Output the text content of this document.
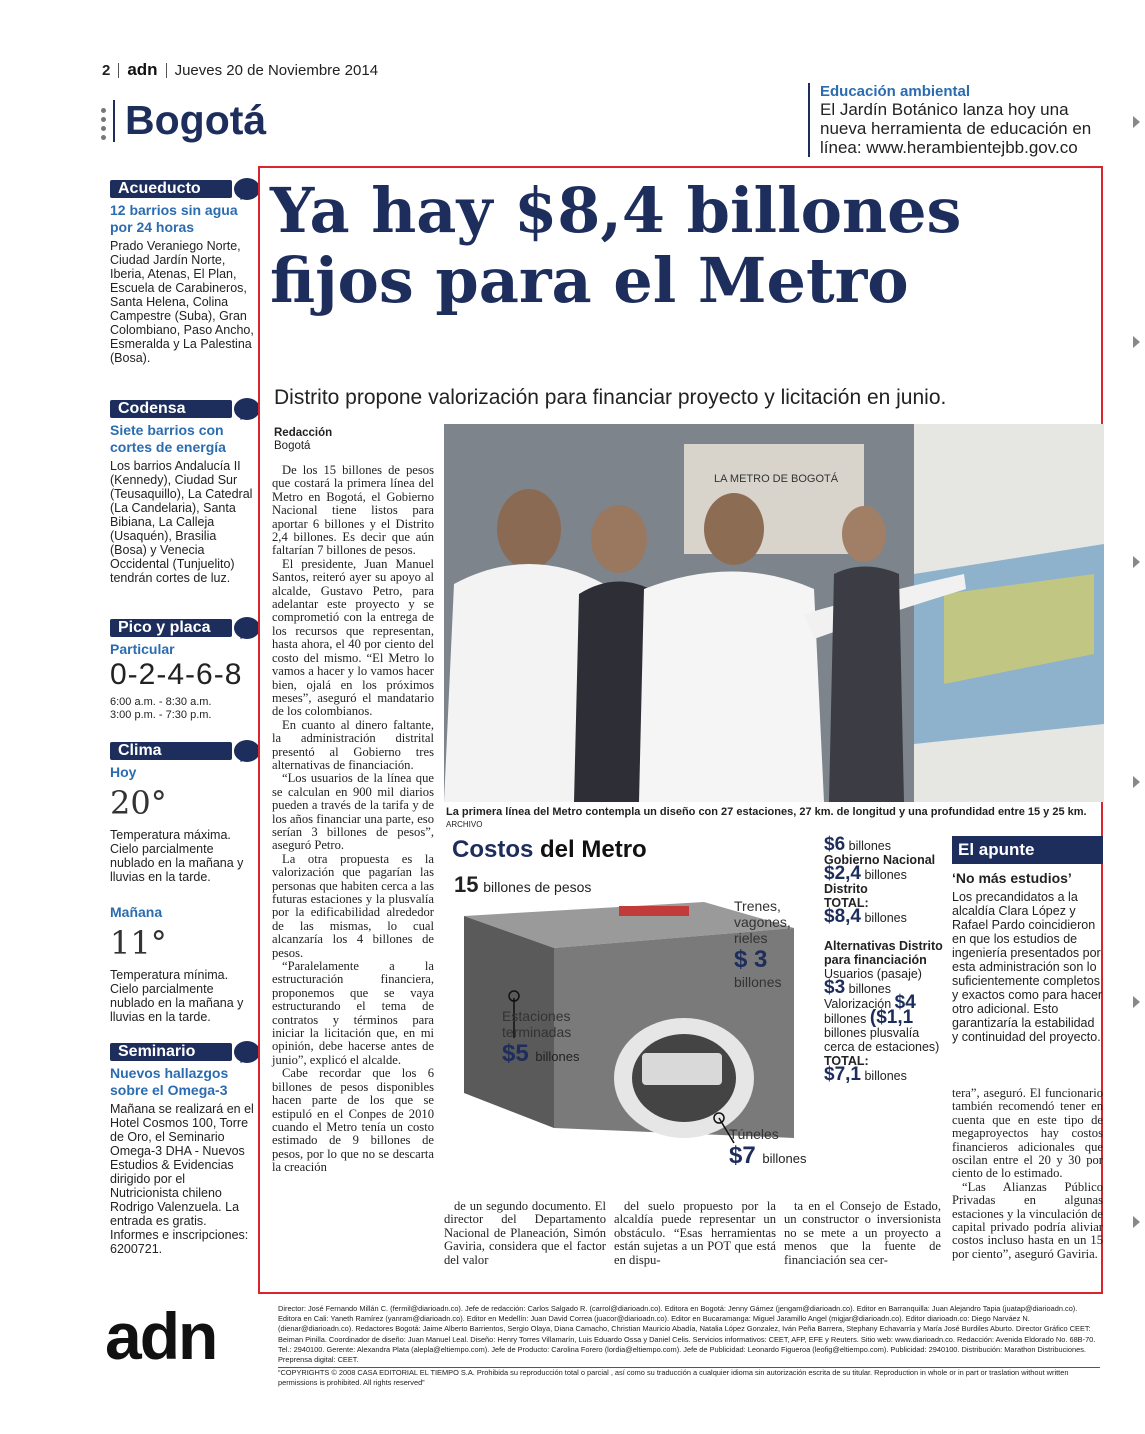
2 adn Jueves 20 de Noviembre 2014
Bogotá
Educación ambiental
El Jardín Botánico lanza hoy una nueva herramienta de educación en línea: www.herambientejbb.gov.co
Acueducto
12 barrios sin agua por 24 horas
Prado Veraniego Norte, Ciudad Jardín Norte, Iberia, Atenas, El Plan, Escuela de Carabineros, Santa Helena, Colina Campestre (Suba), Gran Colombiano, Paso Ancho, Esmeralda y La Palestina (Bosa).
Codensa
Siete barrios con cortes de energía
Los barrios Andalucía II (Kennedy), Ciudad Sur (Teusaquillo), La Catedral (La Candelaria), Santa Bibiana, La Calleja (Usaquén), Brasilia (Bosa) y Venecia Occidental (Tunjuelito) tendrán cortes de luz.
Pico y placa
Particular
0-2-4-6-8
6:00 a.m. - 8:30 a.m.
3:00 p.m. - 7:30 p.m.
Clima
Hoy
20°
Temperatura máxima. Cielo parcialmente nublado en la mañana y lluvias en la tarde.
Mañana
11°
Temperatura mínima. Cielo parcialmente nublado en la mañana y lluvias en la tarde.
Seminario
Nuevos hallazgos sobre el Omega-3
Mañana se realizará en el Hotel Cosmos 100, Torre de Oro, el Seminario Omega-3 DHA - Nuevos Estudios & Evidencias dirigido por el Nutricionista chileno Rodrigo Valenzuela. La entrada es gratis. Informes e inscripciones: 6200721.
Ya hay $8,4 billones
fijos para el Metro
Distrito propone valorización para financiar proyecto y licitación en junio.
Redacción
Bogotá

De los 15 billones de pesos que costará la primera línea del Metro en Bogotá, el Gobierno Nacional tiene listos para aportar 6 billones y el Distrito 2,4 billones. Es decir que aún faltarían 7 billones de pesos.

El presidente, Juan Manuel Santos, reiteró ayer su apoyo al alcalde, Gustavo Petro, para adelantar este proyecto y se comprometió con la entrega de los recursos que representan, hasta ahora, el 40 por ciento del costo del mismo. “El Metro lo vamos a hacer y lo vamos hacer bien, ojalá en los próximos meses”, aseguró el mandatario de los colombianos.

En cuanto al dinero faltante, la administración distrital presentó al Gobierno tres alternativas de financiación.

“Los usuarios de la línea que se calculan en 900 mil diarios pueden a través de la tarifa y de los años financiar una parte, eso serían 3 billones de pesos”, aseguró Petro.

La otra propuesta es la valorización que pagarían las personas que habiten cerca a las futuras estaciones y la plusvalía por la edificabilidad alrededor de las mismas, lo cual alcanzaría los 4 billones de pesos.

“Paralelamente a la estructuración financiera, proponemos que se vaya estructurando el tema de contratos y términos para iniciar la licitación que, en mi opinión, debe hacerse antes de junio”, explicó el alcalde.

Cabe recordar que los 6 billones de pesos disponibles hacen parte de los que se estipuló en el Conpes de 2010 cuando el Metro tenía un costo estimado de 9 billones de pesos, por lo que no se descarta la creación

de un segundo documento. El director del Departamento Nacional de Planeación, Simón Gaviria, considera que el factor del valor

del suelo propuesto por la alcaldía puede representar un obstáculo. “Esas herramientas están sujetas a un POT que está en dispu-

ta en el Consejo de Estado, un constructor o inversionista no se mete a un proyecto a menos que la fuente de financiación sea cer-

tera”, aseguró. El funcionario también recomendó tener en cuenta que en este tipo de megaproyectos hay costos financieros adicionales que oscilan entre el 20 y 30 por ciento de lo estimado.

“Las Alianzas Público Privadas en algunas estaciones y la vinculación de capital privado podría aliviar costos incluso hasta en un 15 por ciento”, aseguró Gaviria.

LA METRO DE BOGOTÁ
La primera línea del Metro contempla un diseño con 27 estaciones, 27 km. de longitud y una profundidad entre 15 y 25 km. ARCHIVO
Costos del Metro
15 billones de pesos
Trenes, vagones, rieles
$ 3
billones
Estaciones terminadas
$5 billones
Túneles
$7 billones
$6 billones
Gobierno Nacional
$2,4 billones
Distrito
TOTAL:
$8,4 billones
Alternativas Distrito para financiación
Usuarios (pasaje)
$3 billones
Valorización $4
billones ($1,1
billones plusvalía cerca de estaciones)
TOTAL:
$7,1 billones
El apunte
‘No más estudios’
Los precandidatos a la alcaldía Clara López y Rafael Pardo coincidieron en que los estudios de ingeniería presentados por esta administración son lo suficientemente completos y exactos como para hacer otro adicional. Esto garantizaría la estabilidad y continuidad del proyecto.
adn	Director: José Fernando Millán C. (fermil@diarioadn.co). Jefe de redacción: Carlos Salgado R. (carrol@diarioadn.co). Editora en Bogotá: Jenny Gámez (jengam@diarioadn.co). Editor en Barranquilla: Juan Alejandro Tapia (juatap@diarioadn.co). Editora en Cali: Yaneth Ramírez (yanram@diarioadn.co). Editor en Medellín: Juan David Correa (juacor@diarioadn.co). Editor en Bucaramanga: Miguel Jaramillo Angel (migjar@diarioadn.co). Editor diarioadn.co: Diego Narváez N. (dienar@diarioadn.co). Redactores Bogotá: Jaime Alberto Barrientos, Sergio Olaya, Diana Camacho, Christian Mauricio Abadía, Natalia López Gonzalez, Iván Peña Barrera, Stephany Echavarría y María José Burdiles Aburto. Director Gráfico CEET: Beiman Pinilla. Coordinador de diseño: Juan Manuel Leal. Diseño: Henry Torres Villamarín, Luis Eduardo Ossa y Daniel Celis. Servicios informativos: CEET, AFP, EFE y Reuters. Sitio web: www.diarioadn.co. Redacción: Avenida Eldorado No. 68B-70. Tel.: 2940100. Gerente: Alexandra Plata (alepla@eltiempo.com). Jefe de Producto: Carolina Forero (lordia@eltiempo.com). Jefe de Publicidad: Leonardo Figueroa (leofig@eltiempo.com). Publicidad: 2940100. Distribución: Marathon Distribuciones. Preprensa digital: CEET.
“COPYRIGHTS © 2008 CASA EDITORIAL EL TIEMPO S.A. Prohibida su reproducción total o parcial , así como su traducción a cualquier idioma sin autorización escrita de su titular. Reproduction in whole or in part or traslation without written permissions is prohibited. All rights reserved”
